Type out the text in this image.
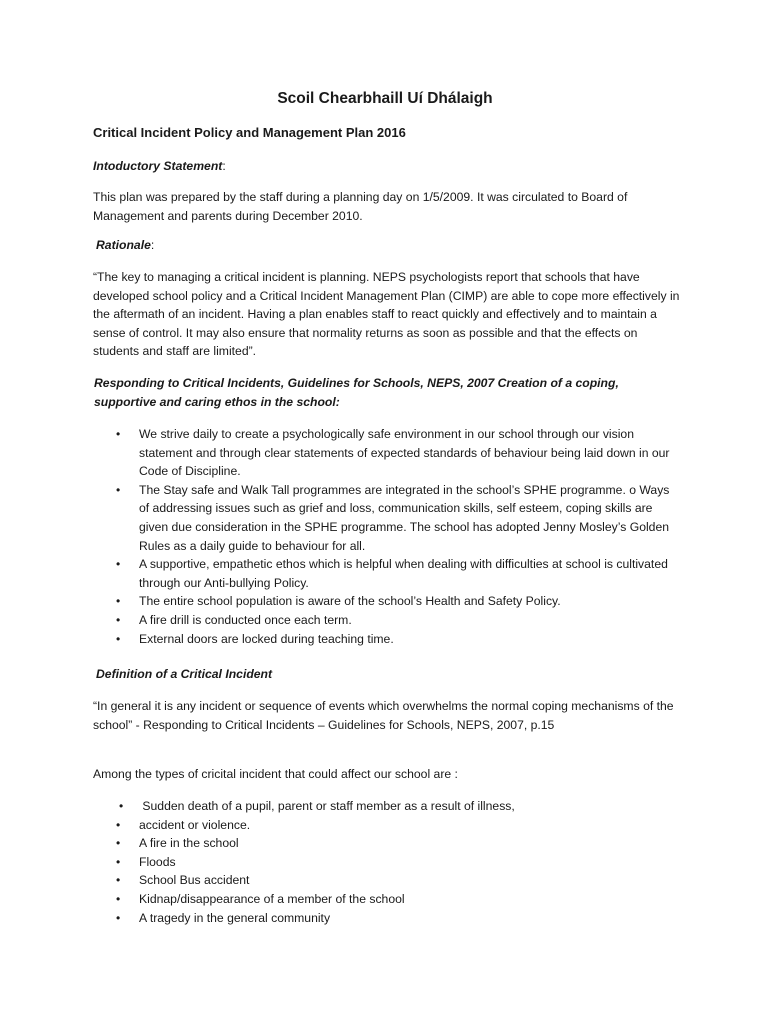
Scoil Chearbhaill Uí Dhálaigh
Critical Incident Policy and Management Plan 2016
Intoductory Statement:

This plan was prepared by the staff during a planning day on 1/5/2009. It was circulated to Board of Management and parents during December 2010.

Rationale:

“The key to managing a critical incident is planning. NEPS psychologists report that schools that have developed school policy and a Critical Incident Management Plan (CIMP) are able to cope more effectively in the aftermath of an incident. Having a plan enables staff to react quickly and effectively and to maintain a sense of control. It may also ensure that normality returns as soon as possible and that the effects on students and staff are limited”.

Responding to Critical Incidents, Guidelines for Schools, NEPS, 2007 Creation of a coping, supportive and caring ethos in the school:

• We strive daily to create a psychologically safe environment in our school through our vision statement and through clear statements of expected standards of behaviour being laid down in our Code of Discipline.
• The Stay safe and Walk Tall programmes are integrated in the school’s SPHE programme. o Ways of addressing issues such as grief and loss, communication skills, self esteem, coping skills are given due consideration in the SPHE programme. The school has adopted Jenny Mosley’s Golden Rules as a daily guide to behaviour for all.
• A supportive, empathetic ethos which is helpful when dealing with difficulties at school is cultivated through our Anti-bullying Policy.
• The entire school population is aware of the school’s Health and Safety Policy.
• A fire drill is conducted once each term.
• External doors are locked during teaching time.

Definition of a Critical Incident

“In general it is any incident or sequence of events which overwhelms the normal coping mechanisms of the school” - Responding to Critical Incidents – Guidelines for Schools, NEPS, 2007, p.15

Among the types of cricital incident that could affect our school are :

• Sudden death of a pupil, parent or staff member as a result of illness,
• accident or violence.
• A fire in the school
• Floods
• School Bus accident
• Kidnap/disappearance of a member of the school
• A tragedy in the general community
